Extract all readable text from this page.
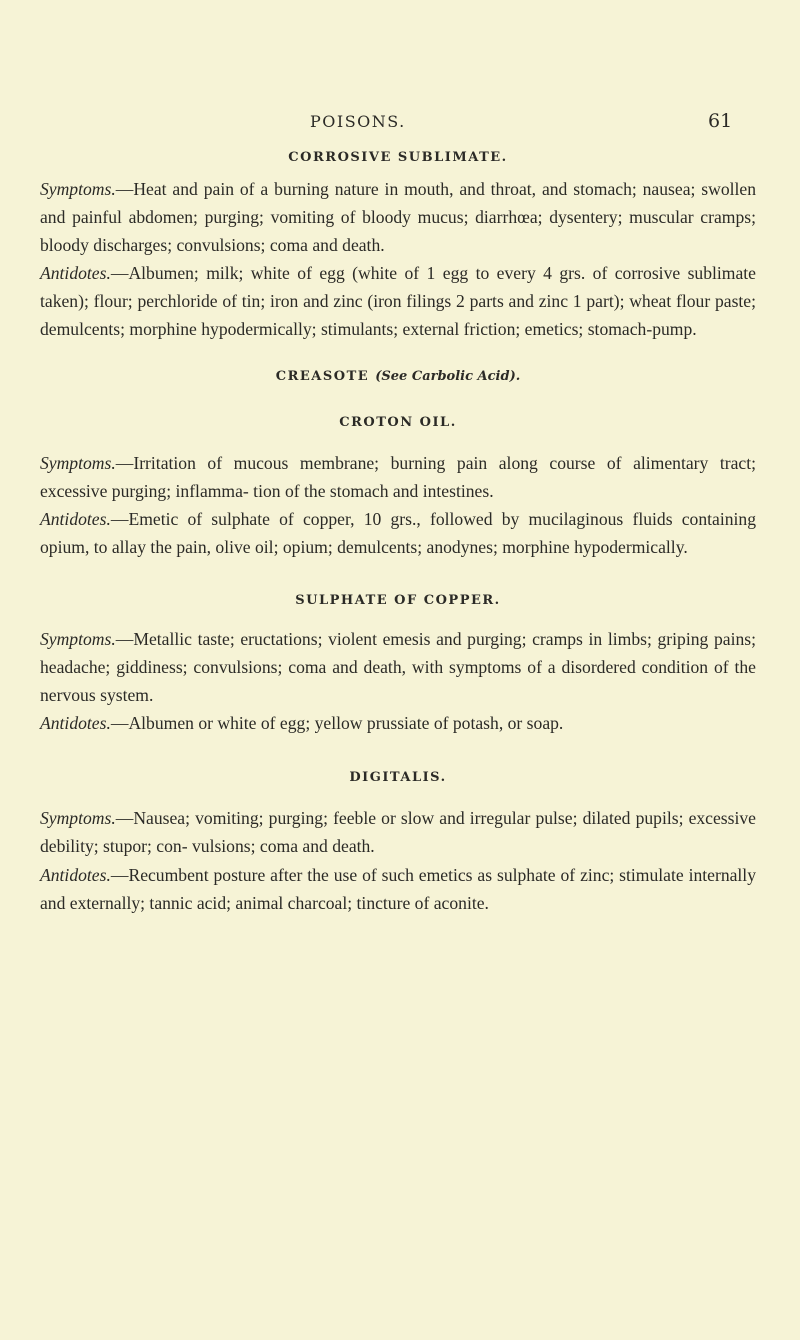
POISONS.	61
CORROSIVE SUBLIMATE.

Symptoms.—Heat and pain of a burning nature in mouth, and throat, and stomach; nausea; swollen and painful abdomen; purging; vomiting of bloody mucus; diarrhœa; dysentery; muscular cramps; bloody discharges; convulsions; coma and death.

Antidotes.—Albumen; milk; white of egg (white of 1 egg to every 4 grs. of corrosive sublimate taken); flour; perchloride of tin; iron and zinc (iron filings 2 parts and zinc 1 part); wheat flour paste; demulcents; morphine hypodermically; stimulants; external friction; emetics; stomach-pump.

CREASOTE (See Carbolic Acid).
CROTON OIL.

Symptoms.—Irritation of mucous membrane; burning pain along course of alimentary tract; excessive purging; inflamma- tion of the stomach and intestines.

Antidotes.—Emetic of sulphate of copper, 10 grs., followed by mucilaginous fluids containing opium, to allay the pain, olive oil; opium; demulcents; anodynes; morphine hypodermically.

SULPHATE OF COPPER.

Symptoms.—Metallic taste; eructations; violent emesis and purging; cramps in limbs; griping pains; headache; giddiness; convulsions; coma and death, with symptoms of a disordered condition of the nervous system.

Antidotes.—Albumen or white of egg; yellow prussiate of potash, or soap.

DIGITALIS.

Symptoms.—Nausea; vomiting; purging; feeble or slow and irregular pulse; dilated pupils; excessive debility; stupor; con- vulsions; coma and death.

Antidotes.—Recumbent posture after the use of such emetics as sulphate of zinc; stimulate internally and externally; tannic acid; animal charcoal; tincture of aconite.
